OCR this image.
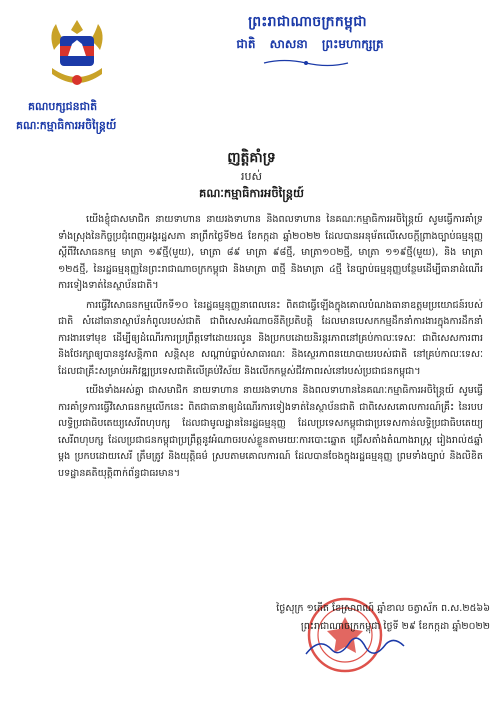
ព្រះរាជាណាចក្រកម្ពុជា
ជាតិ សាសនា ព្រះមហាក្សត្រ
គណបក្សជនជាតិ
គណៈកម្មាធិការអចិន្ត្រៃយ៍
ញត្តិគាំទ្រ
របស់
គណៈកម្មាធិការអចិន្ត្រៃយ៍

យើងខ្ញុំជាសមាជិក នាយទាហាន នាយរងទាហាន និងពលទាហាន នៃគណៈកម្មាធិការអចិន្ត្រៃយ៍ សូមធ្វើការគាំទ្រទាំងស្រុងនៃកិច្ចប្រជុំពេញអង្គរដ្ឋសភា នាព្រឹកថ្ងៃទី២៥ ខែកក្កដា ឆ្នាំ២០២២ ដែលបានអនុម័តលើសេចក្តីព្រាងច្បាប់ធម្មនុញ្ញស្តីពីវិសោធនកម្ម មាត្រា ១៩ថ្មី(មួយ), មាត្រា ៨៩ មាត្រា ៩៨ថ្មី, មាត្រា១០២ថ្មី, មាត្រា ១១៩ថ្មី(មួយ), និង មាត្រា ១២៥ថ្មី, នៃរដ្ឋធម្មនុញ្ញនៃព្រះរាជាណាចក្រកម្ពុជា និងមាត្រា ៣ថ្មី និងមាត្រា ៤ថ្មី នៃច្បាប់ធម្មនុញ្ញបន្ថែមដើម្បីធានាដំណើរការទៀងទាត់នៃស្ថាប័នជាតិ។

ការធ្វើវិសោធនកម្មលើកទី១០ នៃរដ្ឋធម្មនុញ្ញនាពេលនេះ ពិតជាធ្វើឡើងក្នុងគោលបំណងធានាឧត្តមប្រយោជន៍របស់ជាតិ សំដៅធានាស្ថាប័នកំពូលរបស់ជាតិ ជាពិសេសអំណាចនីតិប្រតិបត្តិ ដែលមានបេសកកម្មដឹកនាំការងារក្នុងការដឹកនាំការងារទៅមុខ ដើម្បីឲ្យដំណើរការប្រព្រឹត្តទៅដោយរលូន និងប្រកបដោយនិរន្តរភាពនៅគ្រប់កាលៈទេសៈ ជាពិសេសការពារ និងថែរក្សាឲ្យបាននូវសន្តិភាព សន្តិសុខ សណ្តាប់ធ្នាប់សាធារណៈ និងស្ថេរភាពនយោបាយរបស់ជាតិ នៅគ្រប់កាលៈទេសៈ ដែលជាគ្រឹះសម្រាប់អភិវឌ្ឍប្រទេសជាតិលើគ្រប់វិស័យ និងលើកកម្ពស់ជីវភាពរស់នៅរបស់ប្រជាជនកម្ពុជា។

យើងទាំងអស់គ្នា ជាសមាជិក នាយទាហាន នាយរងទាហាន និងពលទាហាននៃគណៈកម្មាធិការអចិន្ត្រៃយ៍ សូមធ្វើការគាំទ្រការធ្វើវិសោធនកម្មលើកនេះ ពិតជាធានាឲ្យដំណើរការទៀងទាត់នៃស្ថាប័នជាតិ ជាពិសេសគោលការណ៍គ្រឹះ នៃរបបលទ្ធិប្រជាធិបតេយ្យសេរីពហុបក្ស ដែលជាមូលដ្ឋាននៃរដ្ឋធម្មនុញ្ញ ដែលប្រទេសកម្ពុជាជាប្រទេសកាន់លទ្ធិប្រជាធិបតេយ្យសេរីពហុបក្ស ដែលប្រជាជនកម្ពុជាប្រព្រឹត្តនូវអំណាចរបស់ខ្លួនតាមរយៈការបោះឆ្នោត ជ្រើសតាំងតំណាងរាស្ត្រ រៀងរាល់៥ឆ្នាំម្តង ប្រកបដោយសេរី ត្រឹមត្រូវ និងយុត្តិធម៌ ស្របតាមគោលការណ៍ ដែលបានចែងក្នុងរដ្ឋធម្មនុញ្ញ ព្រមទាំងច្បាប់ និងលិខិតបទដ្ឋានគតិយុត្តិពាក់ព័ន្ធជាធរមាន។

ថ្ងៃសុក្រ ១កើត ខែស្រាពណ៍ ឆ្នាំខាល ចត្វាស័ក ព.ស.២៥៦៦
ព្រះរាជាណាចក្រកម្ពុជា ថ្ងៃទី ២៩ ខែកក្កដា ឆ្នាំ២០២២
